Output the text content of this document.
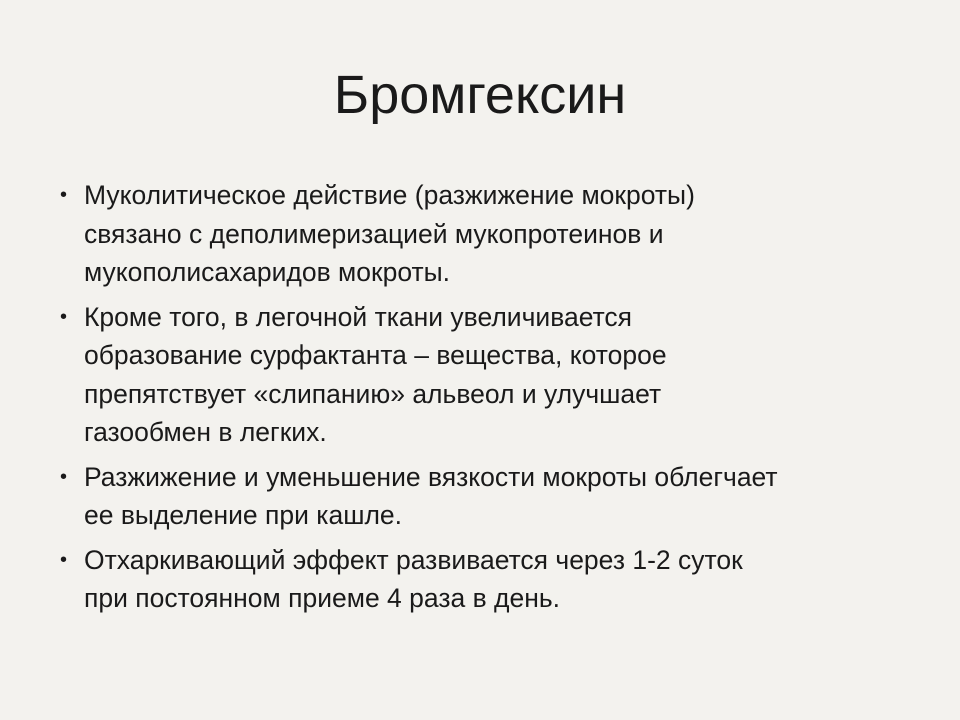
Бромгексин
• Муколитическое действие (разжижение мокроты)
связано с деполимеризацией мукопротеинов и
мукополисахаридов мокроты.
• Кроме того, в легочной ткани увеличивается
образование сурфактанта – вещества, которое
препятствует «слипанию» альвеол и улучшает
газообмен в легких.
• Разжижение и уменьшение вязкости мокроты облегчает
ее выделение при кашле.
• Отхаркивающий эффект развивается через 1-2 суток
при постоянном приеме 4 раза в день.
